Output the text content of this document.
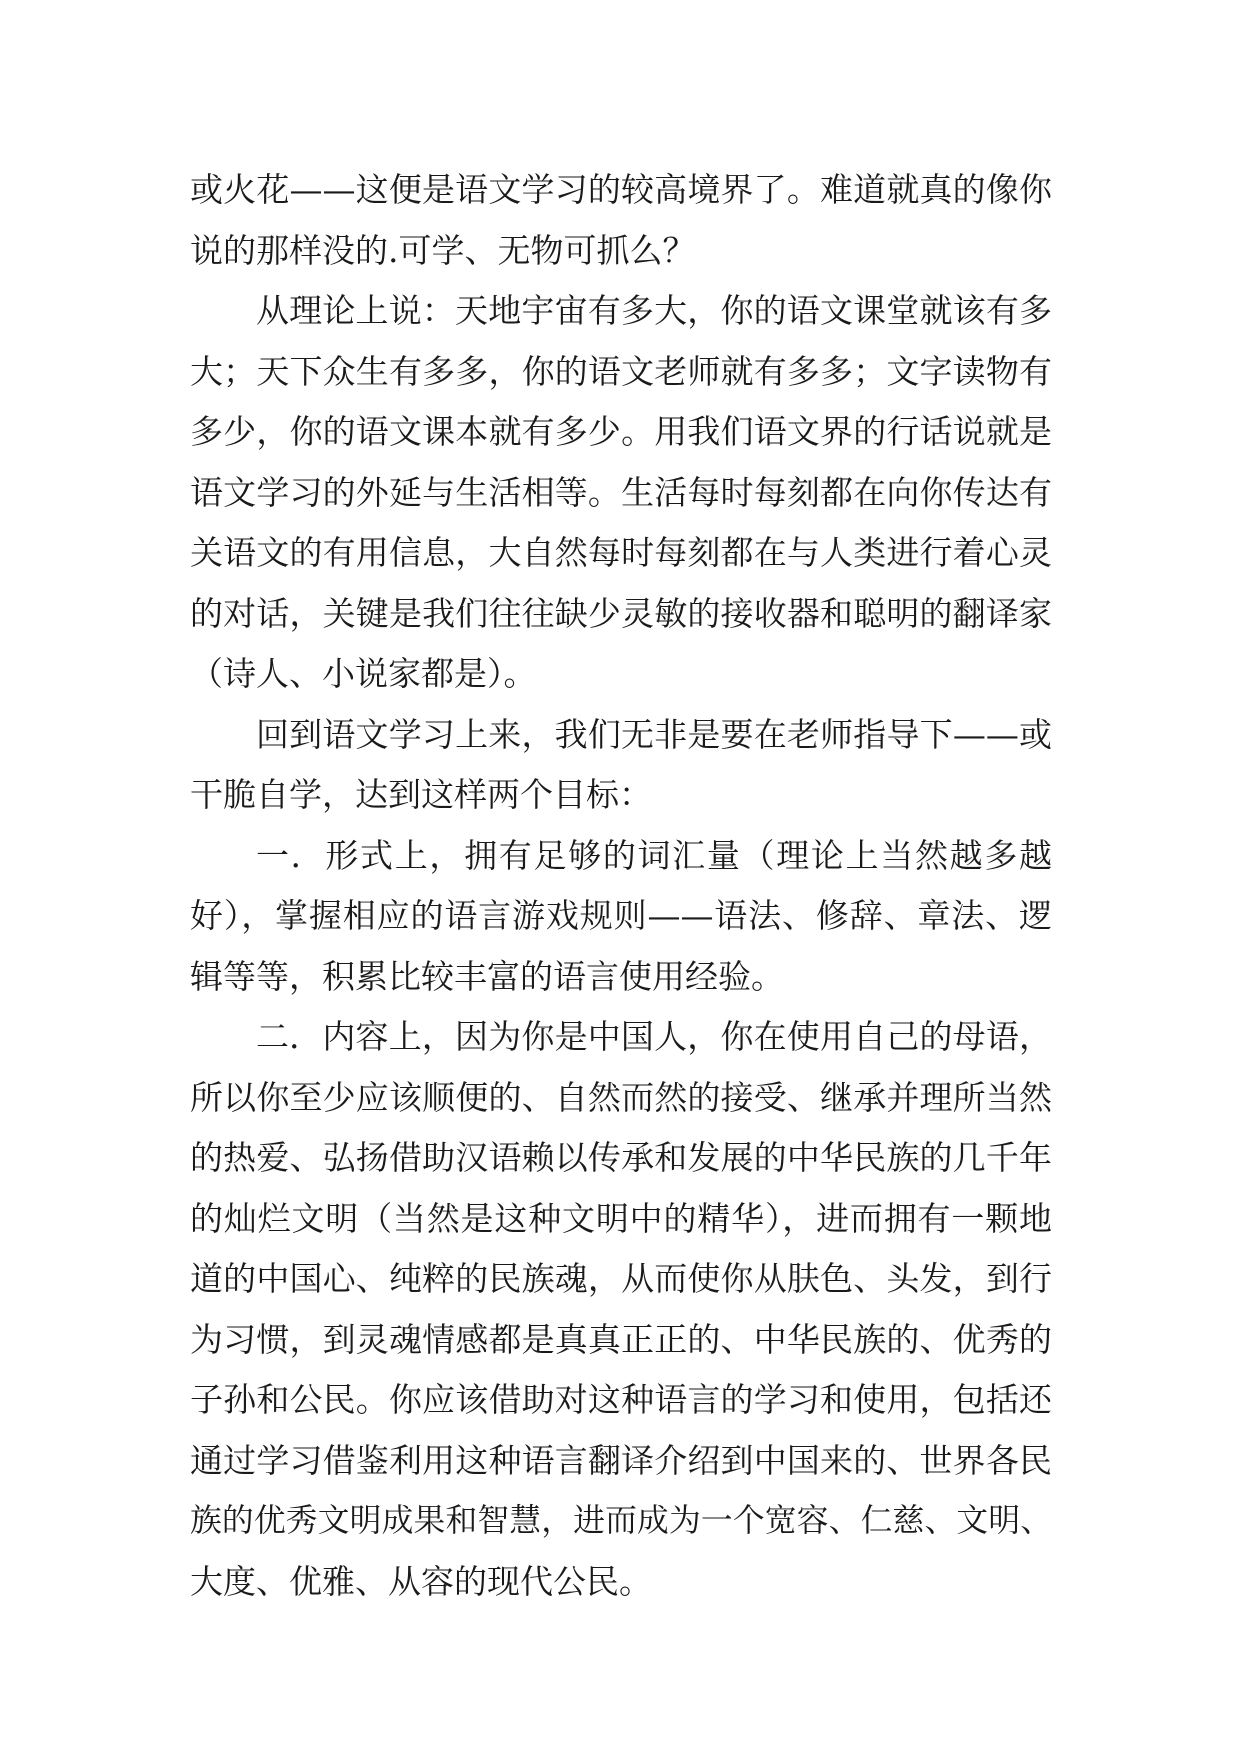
或火花——这便是语文学习的较高境界了。难道就真的像你
说的那样没的.可学、无物可抓么？
从理论上说：天地宇宙有多大，你的语文课堂就该有多
大；天下众生有多多，你的语文老师就有多多；文字读物有
多少，你的语文课本就有多少。用我们语文界的行话说就是
语文学习的外延与生活相等。生活每时每刻都在向你传达有
关语文的有用信息，大自然每时每刻都在与人类进行着心灵
的对话，关键是我们往往缺少灵敏的接收器和聪明的翻译家
（诗人、小说家都是）。
回到语文学习上来，我们无非是要在老师指导下——或
干脆自学，达到这样两个目标：
一．形式上，拥有足够的词汇量（理论上当然越多越
好），掌握相应的语言游戏规则——语法、修辞、章法、逻
辑等等，积累比较丰富的语言使用经验。
二．内容上，因为你是中国人，你在使用自己的母语，
所以你至少应该顺便的、自然而然的接受、继承并理所当然
的热爱、弘扬借助汉语赖以传承和发展的中华民族的几千年
的灿烂文明（当然是这种文明中的精华），进而拥有一颗地
道的中国心、纯粹的民族魂，从而使你从肤色、头发，到行
为习惯，到灵魂情感都是真真正正的、中华民族的、优秀的
子孙和公民。你应该借助对这种语言的学习和使用，包括还
通过学习借鉴利用这种语言翻译介绍到中国来的、世界各民
族的优秀文明成果和智慧，进而成为一个宽容、仁慈、文明、
大度、优雅、从容的现代公民。
